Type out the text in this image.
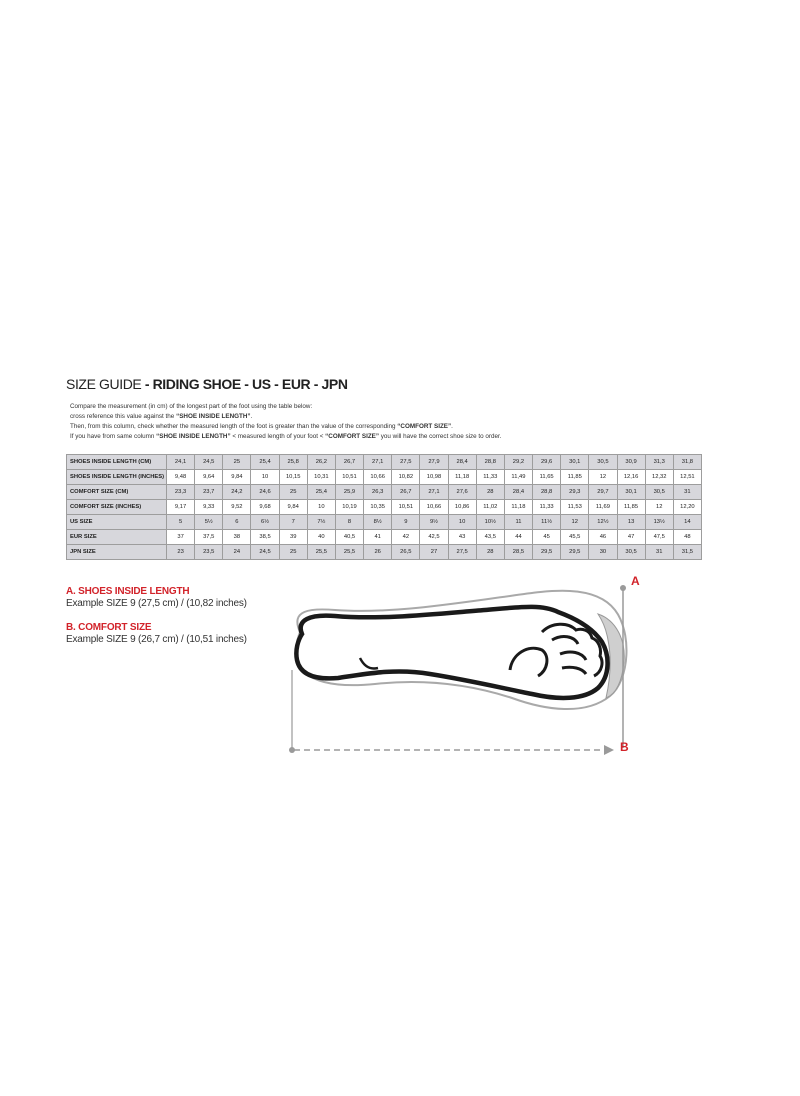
SIZE GUIDE - RIDING SHOE - US - EUR - JPN
Compare the measurement (in cm) of the longest part of the foot using the table below:
cross reference this value against the “SHOE INSIDE LENGTH”.
Then, from this column, check whether the measured length of the foot is greater than the value of the corresponding “COMFORT SIZE”.
If you have from same column “SHOE INSIDE LENGTH” < measured length of your foot < “COMFORT SIZE” you will have the correct shoe size to order.
SHOES INSIDE LENGTH (CM)	24,1	24,5	25	25,4	25,8	26,2	26,7	27,1	27,5	27,9	28,4	28,8	29,2	29,6	30,1	30,5	30,9	31,3	31,8
SHOES INSIDE LENGTH (INCHES)	9,48	9,64	9,84	10	10,15	10,31	10,51	10,66	10,82	10,98	11,18	11,33	11,49	11,65	11,85	12	12,16	12,32	12,51
COMFORT SIZE (CM)	23,3	23,7	24,2	24,6	25	25,4	25,9	26,3	26,7	27,1	27,6	28	28,4	28,8	29,3	29,7	30,1	30,5	31
COMFORT SIZE (INCHES)	9,17	9,33	9,52	9,68	9,84	10	10,19	10,35	10,51	10,66	10,86	11,02	11,18	11,33	11,53	11,69	11,85	12	12,20
US SIZE	5	5½	6	6½	7	7½	8	8½	9	9½	10	10½	11	11½	12	12½	13	13½	14
EUR SIZE	37	37,5	38	38,5	39	40	40,5	41	42	42,5	43	43,5	44	45	45,5	46	47	47,5	48
JPN SIZE	23	23,5	24	24,5	25	25,5	25,5	26	26,5	27	27,5	28	28,5	29,5	29,5	30	30,5	31	31,5
A. SHOES INSIDE LENGTH
Example SIZE 9 (27,5 cm) / (10,82 inches)
B. COMFORT SIZE
Example SIZE 9 (26,7 cm) / (10,51 inches)
A
B
